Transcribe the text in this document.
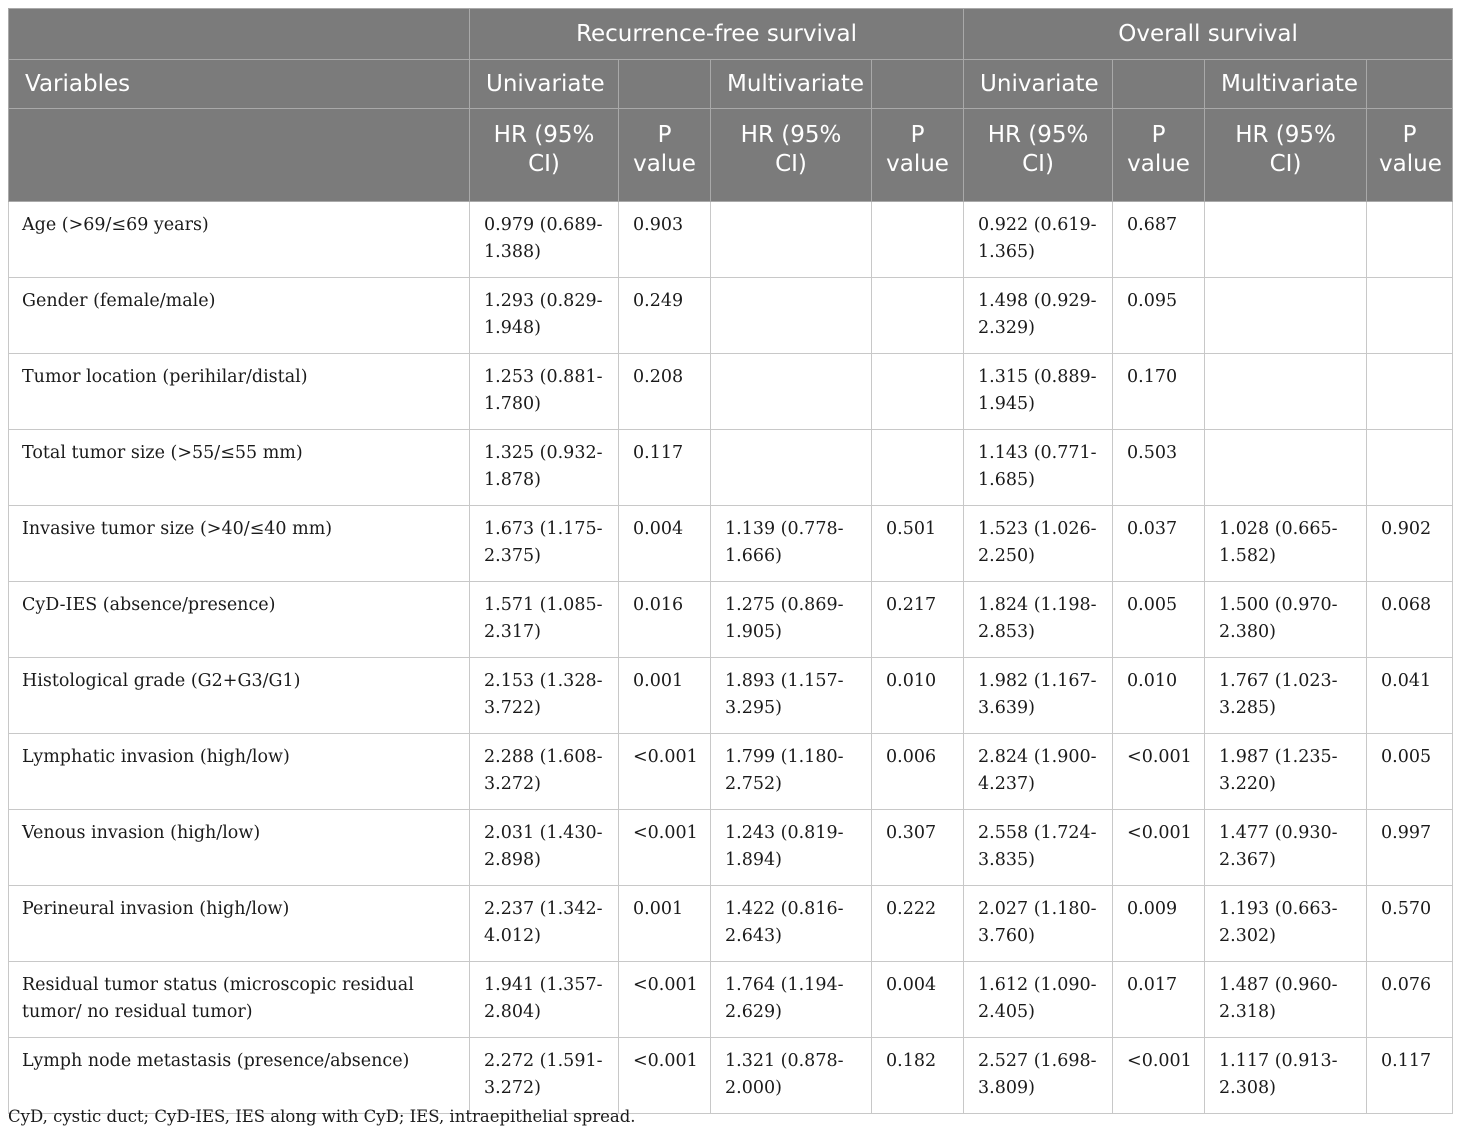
	Recurrence-free survival				Overall survival			
Variables	Univariate		Multivariate		Univariate		Multivariate	
	HR (95% CI)	P value	HR (95% CI)	P value	HR (95% CI)	P value	HR (95% CI)	P value
Age (>69/≤69 years)	0.979 (0.689-1.388)	0.903			0.922 (0.619-1.365)	0.687		
Gender (female/male)	1.293 (0.829-1.948)	0.249			1.498 (0.929-2.329)	0.095		
Tumor location (perihilar/distal)	1.253 (0.881-1.780)	0.208			1.315 (0.889-1.945)	0.170		
Total tumor size (>55/≤55 mm)	1.325 (0.932-1.878)	0.117			1.143 (0.771-1.685)	0.503		
Invasive tumor size (>40/≤40 mm)	1.673 (1.175-2.375)	0.004	1.139 (0.778-1.666)	0.501	1.523 (1.026-2.250)	0.037	1.028 (0.665-1.582)	0.902
CyD-IES (absence/presence)	1.571 (1.085-2.317)	0.016	1.275 (0.869-1.905)	0.217	1.824 (1.198-2.853)	0.005	1.500 (0.970-2.380)	0.068
Histological grade (G2+G3/G1)	2.153 (1.328-3.722)	0.001	1.893 (1.157-3.295)	0.010	1.982 (1.167-3.639)	0.010	1.767 (1.023-3.285)	0.041
Lymphatic invasion (high/low)	2.288 (1.608-3.272)	<0.001	1.799 (1.180-2.752)	0.006	2.824 (1.900-4.237)	<0.001	1.987 (1.235-3.220)	0.005
Venous invasion (high/low)	2.031 (1.430-2.898)	<0.001	1.243 (0.819-1.894)	0.307	2.558 (1.724-3.835)	<0.001	1.477 (0.930-2.367)	0.997
Perineural invasion (high/low)	2.237 (1.342-4.012)	0.001	1.422 (0.816-2.643)	0.222	2.027 (1.180-3.760)	0.009	1.193 (0.663-2.302)	0.570
Residual tumor status (microscopic residual tumor/ no residual tumor)	1.941 (1.357-2.804)	<0.001	1.764 (1.194-2.629)	0.004	1.612 (1.090-2.405)	0.017	1.487 (0.960-2.318)	0.076
Lymph node metastasis (presence/absence)	2.272 (1.591-3.272)	<0.001	1.321 (0.878-2.000)	0.182	2.527 (1.698-3.809)	<0.001	1.117 (0.913-2.308)	0.117
CyD, cystic duct; CyD-IES, IES along with CyD; IES, intraepithelial spread.
